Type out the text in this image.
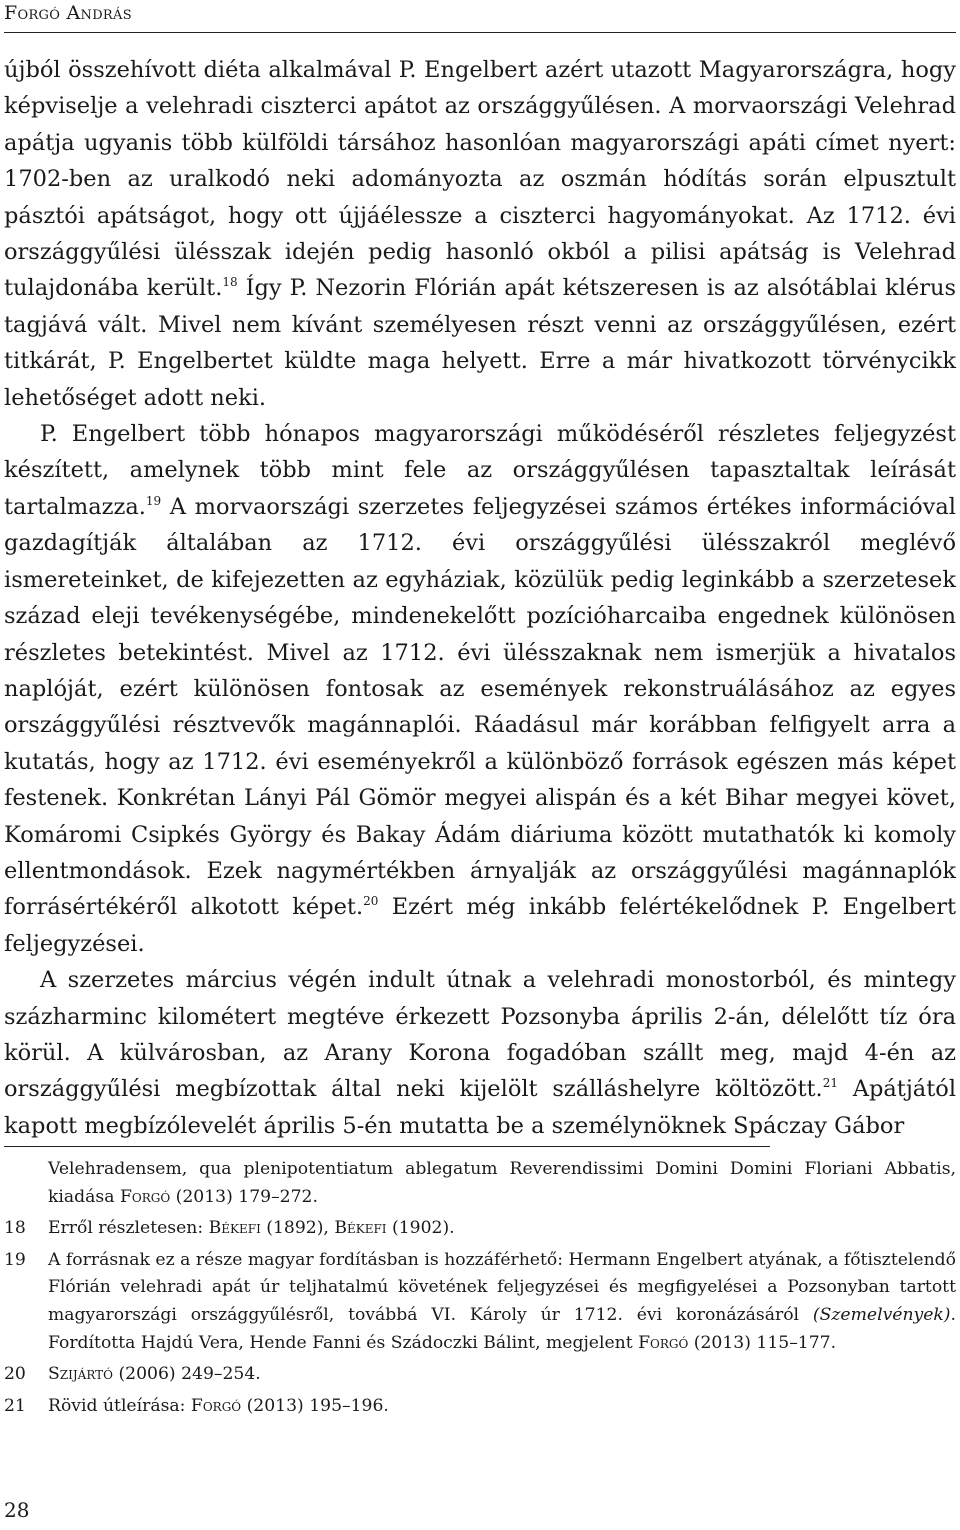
Forgó András

újból összehívott diéta alkalmával P. Engelbert azért utazott Magyarországra, hogy képviselje a velehradi ciszterci apátot az országgyűlésen. A morvaországi Velehrad apátja ugyanis több külföldi társához hasonlóan magyarországi apáti címet nyert: 1702-ben az uralkodó neki adományozta az oszmán hódítás során elpusztult pásztói apátságot, hogy ott újjáélessze a ciszterci hagyományokat. Az 1712. évi országgyűlési ülésszak idején pedig hasonló okból a pilisi apátság is Velehrad tulajdonába került.$^{18}$ Így P. Nezorin Flórián apát kétszeresen is az alsótáblai klérus tagjává vált. Mivel nem kívánt személyesen részt venni az országgyűlésen, ezért titkárát, P. Engelbertet küldte maga helyett. Erre a már hivatkozott törvénycikk lehetőséget adott neki.

P. Engelbert több hónapos magyarországi működéséről részletes feljegyzést készített, amelynek több mint fele az országgyűlésen tapasztaltak leírását tartalmazza.$^{19}$ A morvaországi szerzetes feljegyzései számos értékes információval gazdagítják általában az 1712. évi országgyűlési ülésszakról meglévő ismereteinket, de kifejezetten az egyháziak, közülük pedig leginkább a szerzetesek század eleji tevékenységébe, mindenekelőtt pozícióharcaiba engednek különösen részletes betekintést. Mivel az 1712. évi ülésszaknak nem ismerjük a hivatalos naplóját, ezért különösen fontosak az események rekonstruálásához az egyes országgyűlési résztvevők magánnaplói. Ráadásul már korábban felfigyelt arra a kutatás, hogy az 1712. évi eseményekről a különböző források egészen más képet festenek. Konkrétan Lányi Pál Gömör megyei alispán és a két Bihar megyei követ, Komáromi Csipkés György és Bakay Ádám diáriuma között mutathatók ki komoly ellentmondások. Ezek nagymértékben árnyalják az országgyűlési magánnaplók forrásértékéről alkotott képet.$^{20}$ Ezért még inkább felértékelődnek P. Engelbert feljegyzései.

A szerzetes március végén indult útnak a velehradi monostorból, és mintegy százharminc kilométert megtéve érkezett Pozsonyba április 2-án, délelőtt tíz óra körül. A külvárosban, az Arany Korona fogadóban szállt meg, majd 4-én az országgyűlési megbízottak által neki kijelölt szálláshelyre költözött.$^{21}$ Apátjától kapott megbízólevelét április 5-én mutatta be a személynöknek Spáczay Gábor

Velehradensem, qua plenipotentiatum ablegatum Reverendissimi Domini Domini Floriani Abbatis, kiadása Forgó (2013) 179–272.
18	Erről részletesen: Békefi (1892), Békefi (1902).
19	A forrásnak ez a része magyar fordításban is hozzáférhető: Hermann Engelbert atyának, a főtisztelendő Flórián velehradi apát úr teljhatalmú követének feljegyzései és megfigyelései a Pozsonyban tartott magyarországi országgyűlésről, továbbá VI. Károly úr 1712. évi koronázásáról (Szemelvények). Fordította Hajdú Vera, Hende Fanni és Szádoczki Bálint, megjelent Forgó (2013) 115–177.
20	Szijártó (2006) 249–254.
21	Rövid útleírása: Forgó (2013) 195–196.
28
